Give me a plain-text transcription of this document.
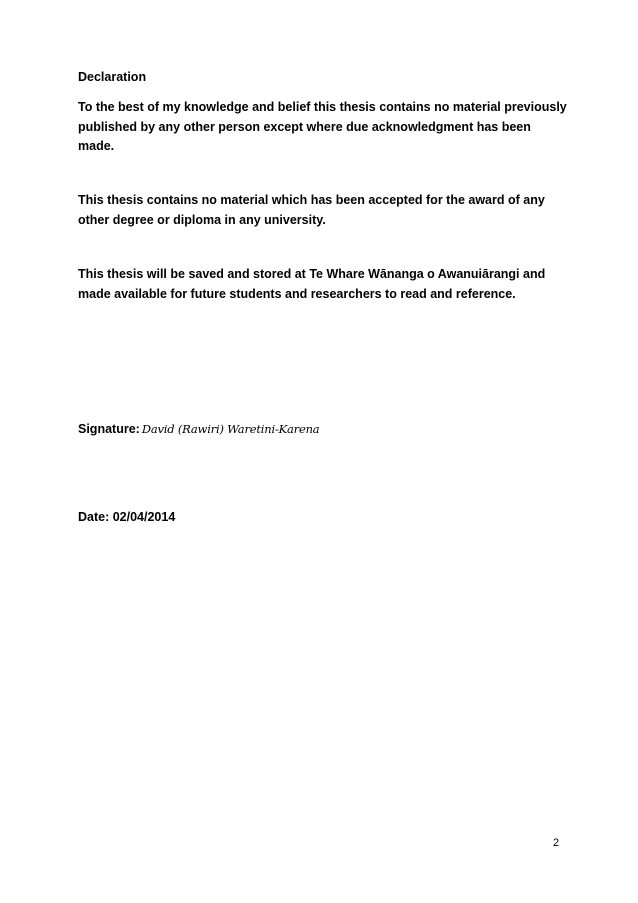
Declaration
To the best of my knowledge and belief this thesis contains no material previously published by any other person except where due acknowledgment has been made.
This thesis contains no material which has been accepted for the award of any other degree or diploma in any university.
This thesis will be saved and stored at Te Whare Wānanga o Awanuiārangi and made available for future students and researchers to read and reference.
Signature: David (Rawiri) Waretini-Karena
Date: 02/04/2014
2
